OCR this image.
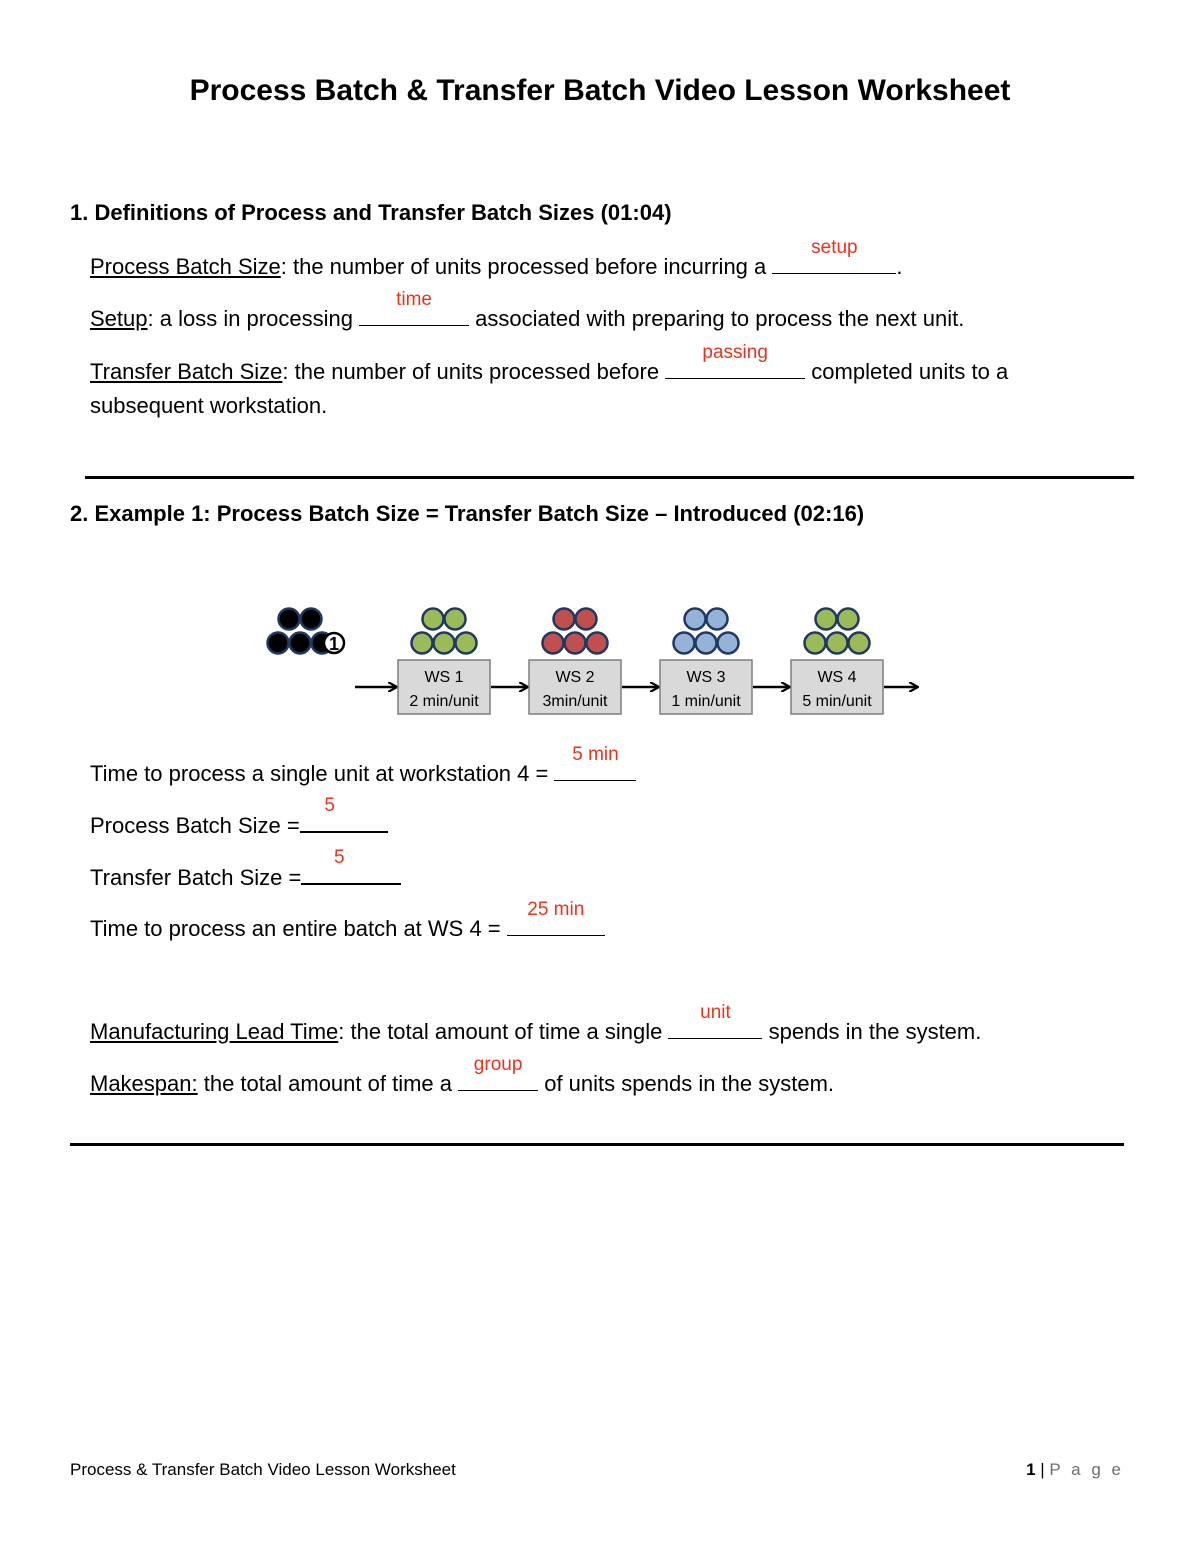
Process Batch & Transfer Batch Video Lesson Worksheet
1. Definitions of Process and Transfer Batch Sizes (01:04)
Process Batch Size: the number of units processed before incurring a
setup
.
Setup: a loss in processing
time
associated with preparing to process the next unit.
Transfer Batch Size: the number of units processed before
passing
completed units to a
subsequent workstation.
2. Example 1: Process Batch Size = Transfer Batch Size – Introduced (02:16)
1
WS 1
2 min/unit
WS 2
3min/unit
WS 3
1 min/unit
WS 4
5 min/unit
Time to process a single unit at workstation 4 =
5 min
Process Batch Size =
5
Transfer Batch Size =
5
Time to process an entire batch at WS 4 =
25 min
Manufacturing Lead Time: the total amount of time a single
unit
spends in the system.
Makespan: the total amount of time a
group
of units spends in the system.
Process & Transfer Batch Video Lesson Worksheet	1 | P a g e
